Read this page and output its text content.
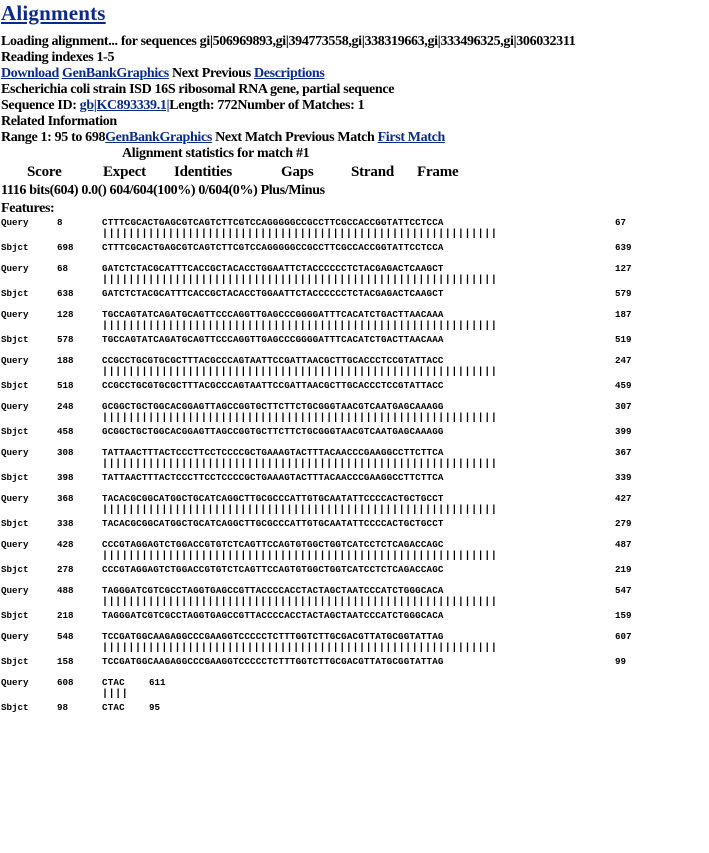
Alignments
Loading alignment... for sequences gi|506969893,gi|394773558,gi|338319663,gi|333496325,gi|306032311
Reading indexes 1-5
Download GenBankGraphics Next Previous Descriptions
Escherichia coli strain ISD 16S ribosomal RNA gene, partial sequence
Sequence ID: gb|KC893339.1|Length: 772Number of Matches: 1
Related Information
Range 1: 95 to 698GenBankGraphics Next Match Previous Match First Match
Alignment statistics for match #1
Score	Expect	Identities	Gaps	Strand	Frame
1116 bits(604) 0.0() 604/604(100%) 0/604(0%) Plus/Minus
Features:
Query	8	CTTTCGCACTGAGCGTCAGTCTTCGTCCAGGGGGCCGCCTTCGCCACCGGTATTCCTCCA	67
||||||||||||||||||||||||||||||||||||||||||||||||||||||||||||
Sbjct	698	CTTTCGCACTGAGCGTCAGTCTTCGTCCAGGGGGCCGCCTTCGCCACCGGTATTCCTCCA	639
Query	68	GATCTCTACGCATTTCACCGCTACACCTGGAATTCTACCCCCCTCTACGAGACTCAAGCT	127
||||||||||||||||||||||||||||||||||||||||||||||||||||||||||||
Sbjct	638	GATCTCTACGCATTTCACCGCTACACCTGGAATTCTACCCCCCTCTACGAGACTCAAGCT	579
Query	128	TGCCAGTATCAGATGCAGTTCCCAGGTTGAGCCCGGGGATTTCACATCTGACTTAACAAA	187
||||||||||||||||||||||||||||||||||||||||||||||||||||||||||||
Sbjct	578	TGCCAGTATCAGATGCAGTTCCCAGGTTGAGCCCGGGGATTTCACATCTGACTTAACAAA	519
Query	188	CCGCCTGCGTGCGCTTTACGCCCAGTAATTCCGATTAACGCTTGCACCCTCCGTATTACC	247
||||||||||||||||||||||||||||||||||||||||||||||||||||||||||||
Sbjct	518	CCGCCTGCGTGCGCTTTACGCCCAGTAATTCCGATTAACGCTTGCACCCTCCGTATTACC	459
Query	248	GCGGCTGCTGGCACGGAGTTAGCCGGTGCTTCTTCTGCGGGTAACGTCAATGAGCAAAGG	307
||||||||||||||||||||||||||||||||||||||||||||||||||||||||||||
Sbjct	458	GCGGCTGCTGGCACGGAGTTAGCCGGTGCTTCTTCTGCGGGTAACGTCAATGAGCAAAGG	399
Query	308	TATTAACTTTACTCCCTTCCTCCCCGCTGAAAGTACTTTACAACCCGAAGGCCTTCTTCA	367
||||||||||||||||||||||||||||||||||||||||||||||||||||||||||||
Sbjct	398	TATTAACTTTACTCCCTTCCTCCCCGCTGAAAGTACTTTACAACCCGAAGGCCTTCTTCA	339
Query	368	TACACGCGGCATGGCTGCATCAGGCTTGCGCCCATTGTGCAATATTCCCCACTGCTGCCT	427
||||||||||||||||||||||||||||||||||||||||||||||||||||||||||||
Sbjct	338	TACACGCGGCATGGCTGCATCAGGCTTGCGCCCATTGTGCAATATTCCCCACTGCTGCCT	279
Query	428	CCCGTAGGAGTCTGGACCGTGTCTCAGTTCCAGTGTGGCTGGTCATCCTCTCAGACCAGC	487
||||||||||||||||||||||||||||||||||||||||||||||||||||||||||||
Sbjct	278	CCCGTAGGAGTCTGGACCGTGTCTCAGTTCCAGTGTGGCTGGTCATCCTCTCAGACCAGC	219
Query	488	TAGGGATCGTCGCCTAGGTGAGCCGTTACCCCACCTACTAGCTAATCCCATCTGGGCACA	547
||||||||||||||||||||||||||||||||||||||||||||||||||||||||||||
Sbjct	218	TAGGGATCGTCGCCTAGGTGAGCCGTTACCCCACCTACTAGCTAATCCCATCTGGGCACA	159
Query	548	TCCGATGGCAAGAGGCCCGAAGGTCCCCCTCTTTGGTCTTGCGACGTTATGCGGTATTAG	607
||||||||||||||||||||||||||||||||||||||||||||||||||||||||||||
Sbjct	158	TCCGATGGCAAGAGGCCCGAAGGTCCCCCTCTTTGGTCTTGCGACGTTATGCGGTATTAG	99
Query	608	CTAC	611
||||
Sbjct	98	CTAC	95
